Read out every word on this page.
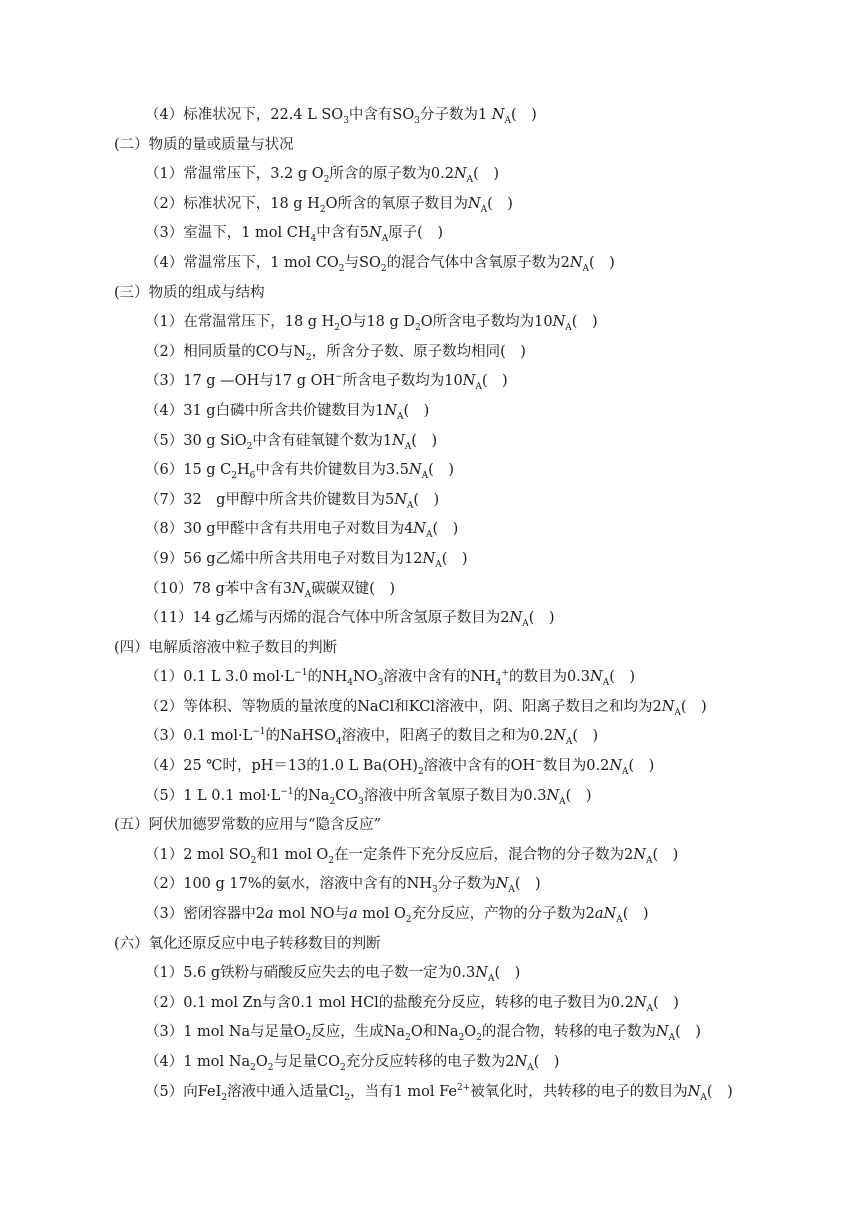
（4）标准状况下，22.4 L $SO_3$中含有$SO_3$分子数为1 $N_A$(　)
(二）物质的量或质量与状况
（1）常温常压下，3.2 g $O_2$所含的原子数为$0.2N_A$(　)
（2）标准状况下，18 g $H_2O$所含的氧原子数目为$N_A$(　)
（3）室温下，1 mol $CH_4$中含有$5N_A$原子(　)
（4）常温常压下，1 mol $CO_2$与$SO_2$的混合气体中含氧原子数为$2N_A$(　)
(三）物质的组成与结构
（1）在常温常压下，18 g $H_2O$与18 g $D_2O$所含电子数均为$10N_A$(　)
（2）相同质量的CO与$N_2$，所含分子数、原子数均相同(　)
（3）17 g —OH与17 g OH−所含电子数均为$10N_A$(　)
（4）31 g白磷中所含共价键数目为$1N_A$(　)
（5）30 g SiO$_2$中含有硅氧键个数为$1N_A$(　)
（6）15 g $C_2H_6$中含有共价键数目为$3.5N_A$(　)
（7）32　g甲醇中所含共价键数目为$5N_A$(　)
（8）30 g甲醛中含有共用电子对数目为$4N_A$(　)
（9）56 g乙烯中所含共用电子对数目为$12N_A$(　)
（10）78 g苯中含有$3N_A$碳碳双键(　)
（11）14 g乙烯与丙烯的混合气体中所含氢原子数目为$2N_A$(　)
(四）电解质溶液中粒子数目的判断
（1）0.1 L 3.0 $mol\cdot L^{-1}$的$NH_4NO_3$溶液中含有的$NH_4^+$的数目为$0.3N_A$(　)
（2）等体积、等物质的量浓度的NaCl和KCl溶液中，阴、阳离子数目之和均为$2N_A$(　)
（3）0.1 $mol\cdot L^{-1}$的NaHSO$_4$溶液中，阳离子的数目之和为$0.2N_A$(　)
（4）25 ℃时，pH＝13的1.0 L $Ba(OH)_2$溶液中含有的OH−数目为$0.2N_A$(　)
（5）1 L 0.1 $mol\cdot L^{-1}$的$Na_2CO_3$溶液中所含氧原子数目为$0.3N_A$(　)
(五）阿伏加德罗常数的应用与“隐含反应”
（1）2 mol $SO_2$和1 mol $O_2$在一定条件下充分反应后，混合物的分子数为$2N_A$(　)
（2）100 g 17%的氨水，溶液中含有的$NH_3$分子数为$N_A$(　)
（3）密闭容器中2a mol NO与a mol $O_2$充分反应，产物的分子数为$2aN_A$(　)
(六）氧化还原反应中电子转移数目的判断
（1）5.6 g铁粉与硝酸反应失去的电子数一定为$0.3N_A$(　)
（2）0.1 mol Zn与含0.1 mol HCl的盐酸充分反应，转移的电子数目为$0.2N_A$(　)
（3）1 mol Na与足量$O_2$反应，生成$Na_2O$和$Na_2O_2$的混合物，转移的电子数为$N_A$(　)
（4）1 mol $Na_2O_2$与足量$CO_2$充分反应转移的电子数为$2N_A$(　)
（5）向FeI$_2$溶液中通入适量$Cl_2$，当有1 mol $Fe^{2+}$被氧化时，共转移的电子的数目为$N_A$(　)
